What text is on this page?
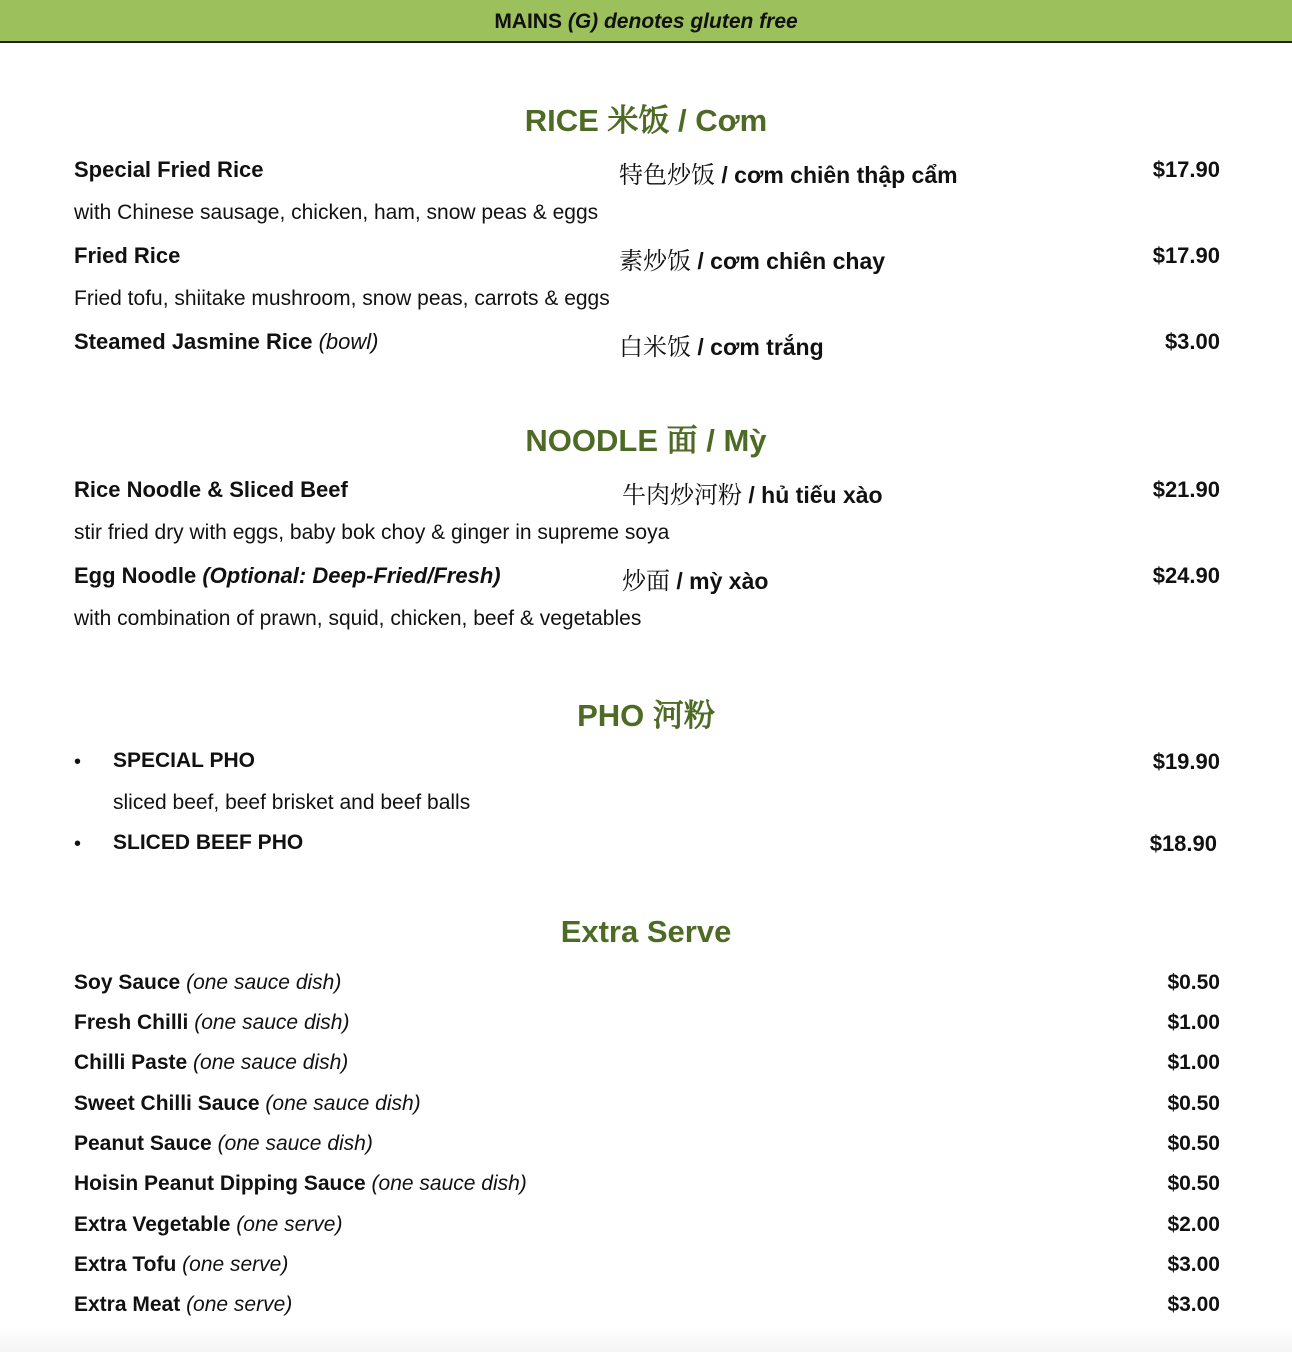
MAINS (G) denotes gluten free
RICE 米饭 / Cơm
Special Fried Rice	特色炒饭 / cơm chiên thập cẩm	$17.90
with Chinese sausage, chicken, ham, snow peas & eggs
Fried Rice	素炒饭 / cơm chiên chay	$17.90
Fried tofu, shiitake mushroom, snow peas, carrots & eggs
Steamed Jasmine Rice (bowl)	白米饭 / cơm trắng	$3.00
NOODLE 面 / Mỳ
Rice Noodle & Sliced Beef	牛肉炒河粉 / hủ tiếu xào	$21.90
stir fried dry with eggs, baby bok choy & ginger in supreme soya
Egg Noodle (Optional: Deep-Fried/Fresh)	炒面 / mỳ xào	$24.90
with combination of prawn, squid, chicken, beef & vegetables
PHO 河粉
• SPECIAL PHO	$19.90
sliced beef, beef brisket and beef balls
• SLICED BEEF PHO	$18.90
Extra Serve
Soy Sauce (one sauce dish)	$0.50
Fresh Chilli (one sauce dish)	$1.00
Chilli Paste (one sauce dish)	$1.00
Sweet Chilli Sauce (one sauce dish)	$0.50
Peanut Sauce (one sauce dish)	$0.50
Hoisin Peanut Dipping Sauce (one sauce dish)	$0.50
Extra Vegetable (one serve)	$2.00
Extra Tofu (one serve)	$3.00
Extra Meat (one serve)	$3.00
